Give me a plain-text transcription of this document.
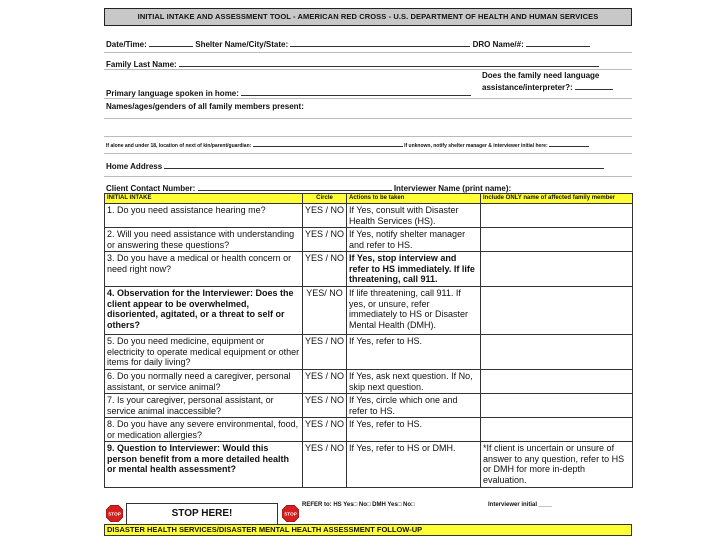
INITIAL INTAKE AND ASSESSMENT TOOL - AMERICAN RED CROSS - U.S. DEPARTMENT OF HEALTH AND HUMAN SERVICES
Date/Time:	Shelter Name/City/State:	DRO Name/#:
Family Last Name:
Primary language spoken in home:
Does the family need language assistance/interpreter?:
Names/ages/genders of all family members present:
If alone and under 18, location of next of kin/parent/guardian:	If unknown, notify shelter manager & interviewer initial here:
Home Address
Client Contact Number:	Interviewer Name (print name):
INITIAL INTAKE	Circle	Actions to be taken	Include ONLY name of affected family member
1. Do you need assistance hearing me?	YES / NO	If Yes, consult with Disaster Health Services (HS).	
2. Will you need assistance with understanding or answering these questions?	YES / NO	If Yes, notify shelter manager and refer to HS.	
3. Do you have a medical or health concern or need right now?	YES / NO	If Yes, stop interview and refer to HS immediately. If life threatening, call 911.	
4. Observation for the Interviewer: Does the client appear to be overwhelmed, disoriented, agitated, or a threat to self or others?	YES/ NO	If life threatening, call 911. If yes, or unsure, refer immediately to HS or Disaster Mental Health (DMH).	
5. Do you need medicine, equipment or electricity to operate medical equipment or other items for daily living?	YES / NO	If Yes, refer to HS.	
6. Do you normally need a caregiver, personal assistant, or service animal?	YES / NO	If Yes, ask next question. If No, skip next question.	
7. Is your caregiver, personal assistant, or service animal inaccessible?	YES / NO	If Yes, circle which one and refer to HS.	
8. Do you have any severe environmental, food, or medication allergies?	YES / NO	If Yes, refer to HS.	
9. Question to Interviewer: Would this person benefit from a more detailed health or mental health assessment?	YES / NO	If Yes, refer to HS or DMH.	*If client is uncertain or unsure of answer to any question, refer to HS or DMH for more in-depth evaluation.
STOP	STOP HERE!	STOP
REFER to: HS Yes□ No□ DMH Yes□ No□	Interviewer initial ____
DISASTER HEALTH SERVICES/DISASTER MENTAL HEALTH ASSESSMENT FOLLOW-UP
